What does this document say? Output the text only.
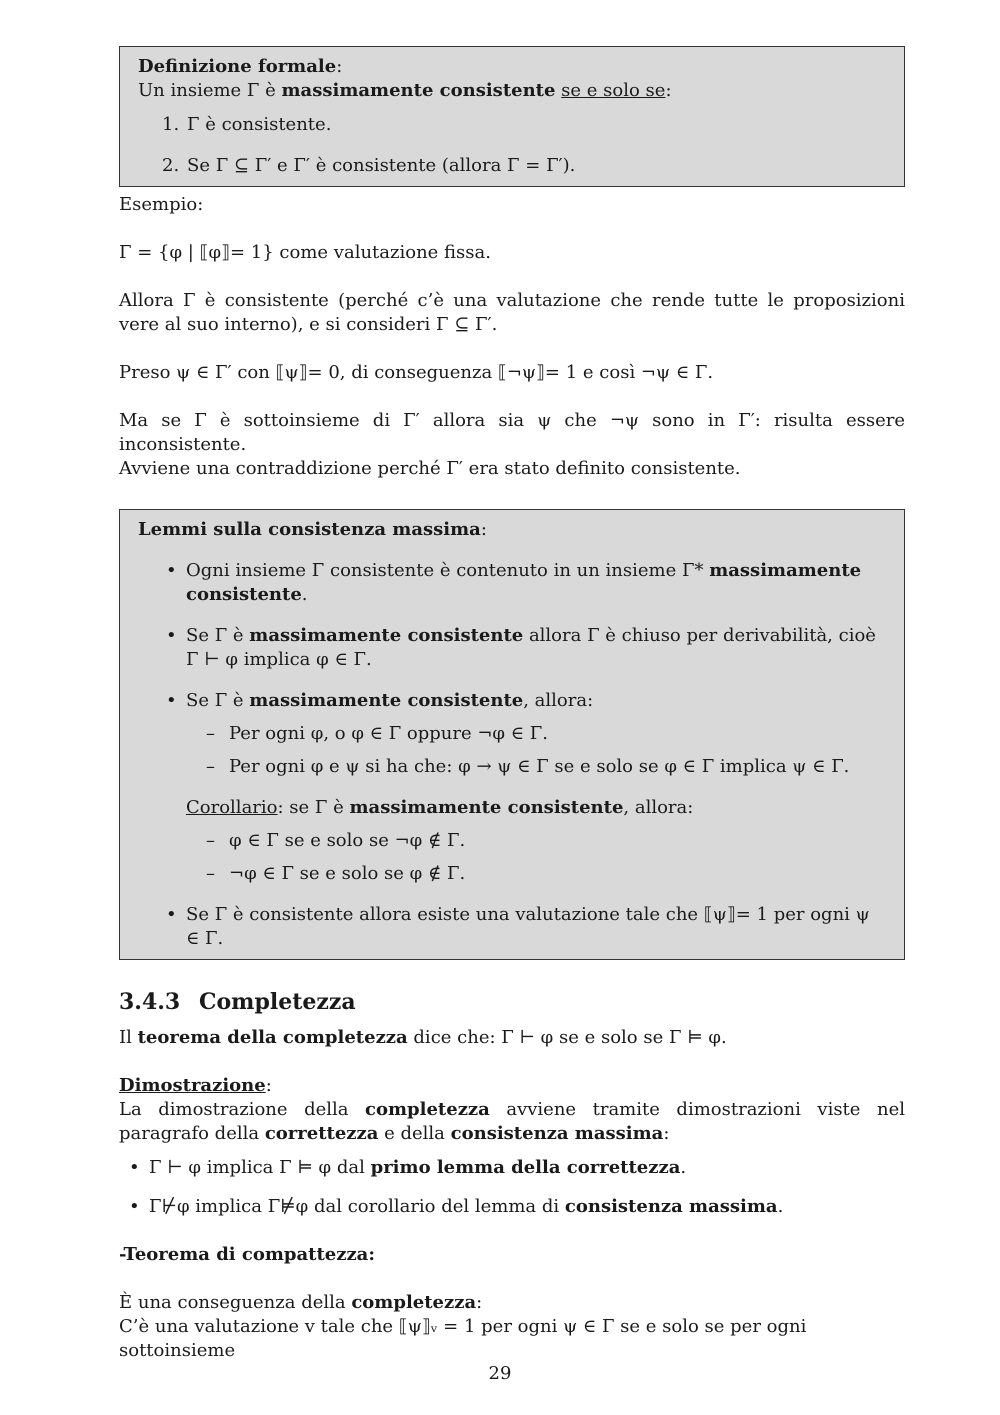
Definizione formale:

Un insieme Γ è massimamente consistente se e solo se:

1. Γ è consistente.
2. Se Γ ⊆ Γ′ e Γ′ è consistente (allora Γ = Γ′).

Esempio:

Γ = {φ | ⟦φ⟧= 1} come valutazione fissa.

Allora Γ è consistente (perché c’è una valutazione che rende tutte le proposizioni vere al suo interno), e si consideri Γ ⊆ Γ′.

Preso ψ ∈ Γ′ con ⟦ψ⟧= 0, di conseguenza ⟦¬ψ⟧= 1 e così ¬ψ ∈ Γ.

Ma se Γ è sottoinsieme di Γ′ allora sia ψ che ¬ψ sono in Γ′: risulta essere inconsistente.

Avviene una contraddizione perché Γ′ era stato definito consistente.

Lemmi sulla consistenza massima:

• Ogni insieme Γ consistente è contenuto in un insieme Γ* massimamente consistente.
• Se Γ è massimamente consistente allora Γ è chiuso per derivabilità, cioè Γ ⊢ φ implica φ ∈ Γ.
• Se Γ è massimamente consistente, allora:
– Per ogni φ, o φ ∈ Γ oppure ¬φ ∈ Γ.
– Per ogni φ e ψ si ha che: φ → ψ ∈ Γ se e solo se φ ∈ Γ implica ψ ∈ Γ.

Corollario: se Γ è massimamente consistente, allora:

– φ ∈ Γ se e solo se ¬φ ∉ Γ.
– ¬φ ∈ Γ se e solo se φ ∉ Γ.
• Se Γ è consistente allora esiste una valutazione tale che ⟦ψ⟧= 1 per ogni ψ ∈ Γ.
3.4.3 Completezza

Il teorema della completezza dice che: Γ ⊢ φ se e solo se Γ ⊨ φ.

Dimostrazione:

La dimostrazione della completezza avviene tramite dimostrazioni viste nel paragrafo della correttezza e della consistenza massima:

• Γ ⊢ φ implica Γ ⊨ φ dal primo lemma della correttezza.
• Γ⊬φ implica Γ⊭φ dal corollario del lemma di consistenza massima.

-Teorema di compattezza:

È una conseguenza della completezza:

C’è una valutazione v tale che ⟦ψ⟧ᵥ = 1 per ogni ψ ∈ Γ se e solo se per ogni sottoinsieme

29
